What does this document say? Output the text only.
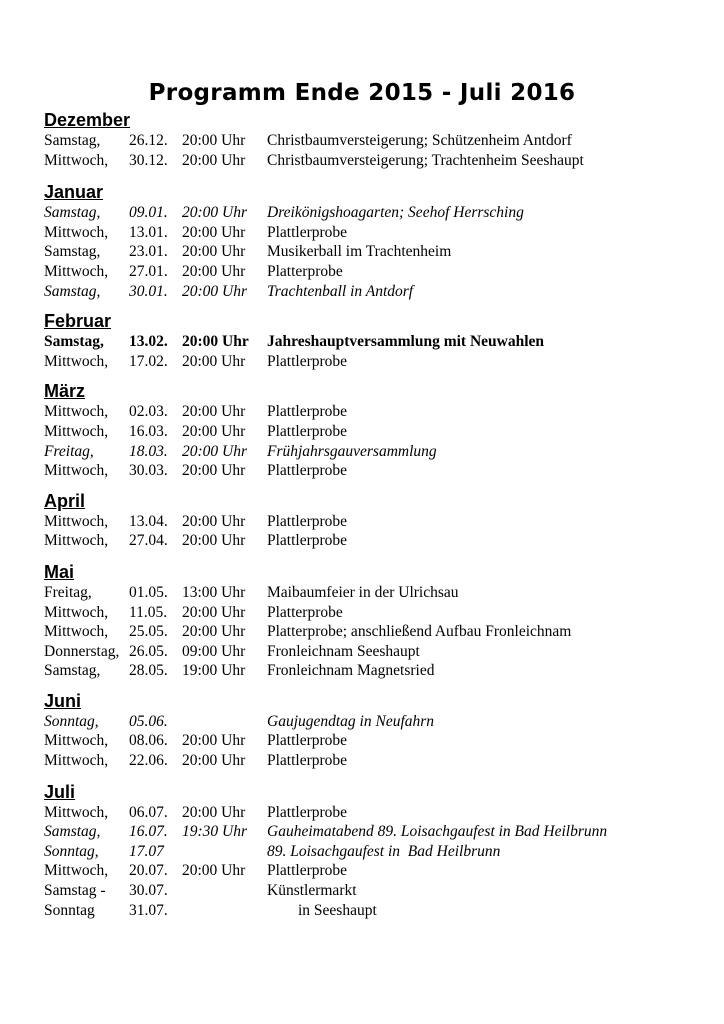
Programm Ende 2015 - Juli 2016
Dezember
Samstag, 26.12. 20:00 Uhr Christbaumversteigerung; Schützenheim Antdorf
Mittwoch, 30.12. 20:00 Uhr Christbaumversteigerung; Trachtenheim Seeshaupt
Januar
Samstag, 09.01. 20:00 Uhr Dreikönigshoagarten; Seehof Herrsching
Mittwoch, 13.01. 20:00 Uhr Plattlerprobe
Samstag, 23.01. 20:00 Uhr Musikerball im Trachtenheim
Mittwoch, 27.01. 20:00 Uhr Platterprobe
Samstag, 30.01. 20:00 Uhr Trachtenball in Antdorf
Februar
Samstag, 13.02. 20:00 Uhr Jahreshauptversammlung mit Neuwahlen
Mittwoch, 17.02. 20:00 Uhr Plattlerprobe
März
Mittwoch, 02.03. 20:00 Uhr Plattlerprobe
Mittwoch, 16.03. 20:00 Uhr Plattlerprobe
Freitag, 18.03. 20:00 Uhr Frühjahrsgauversammlung
Mittwoch, 30.03. 20:00 Uhr Plattlerprobe
April
Mittwoch, 13.04. 20:00 Uhr Plattlerprobe
Mittwoch, 27.04. 20:00 Uhr Plattlerprobe
Mai
Freitag, 01.05. 13:00 Uhr Maibaumfeier in der Ulrichsau
Mittwoch, 11.05. 20:00 Uhr Platterprobe
Mittwoch, 25.05. 20:00 Uhr Platterprobe; anschließend Aufbau Fronleichnam
Donnerstag, 26.05. 09:00 Uhr Fronleichnam Seeshaupt
Samstag, 28.05. 19:00 Uhr Fronleichnam Magnetsried
Juni
Sonntag, 05.06.	Gaujugendtag in Neufahrn
Mittwoch, 08.06. 20:00 Uhr Plattlerprobe
Mittwoch, 22.06. 20:00 Uhr Plattlerprobe
Juli
Mittwoch, 06.07. 20:00 Uhr Plattlerprobe
Samstag, 16.07. 19:30 Uhr Gauheimatabend 89. Loisachgaufest in Bad Heilbrunn
Sonntag, 17.07	89. Loisachgaufest in  Bad Heilbrunn
Mittwoch, 20.07. 20:00 Uhr Plattlerprobe
Samstag - 30.07.	Künstlermarkt
Sonntag 31.07.	in Seeshaupt
